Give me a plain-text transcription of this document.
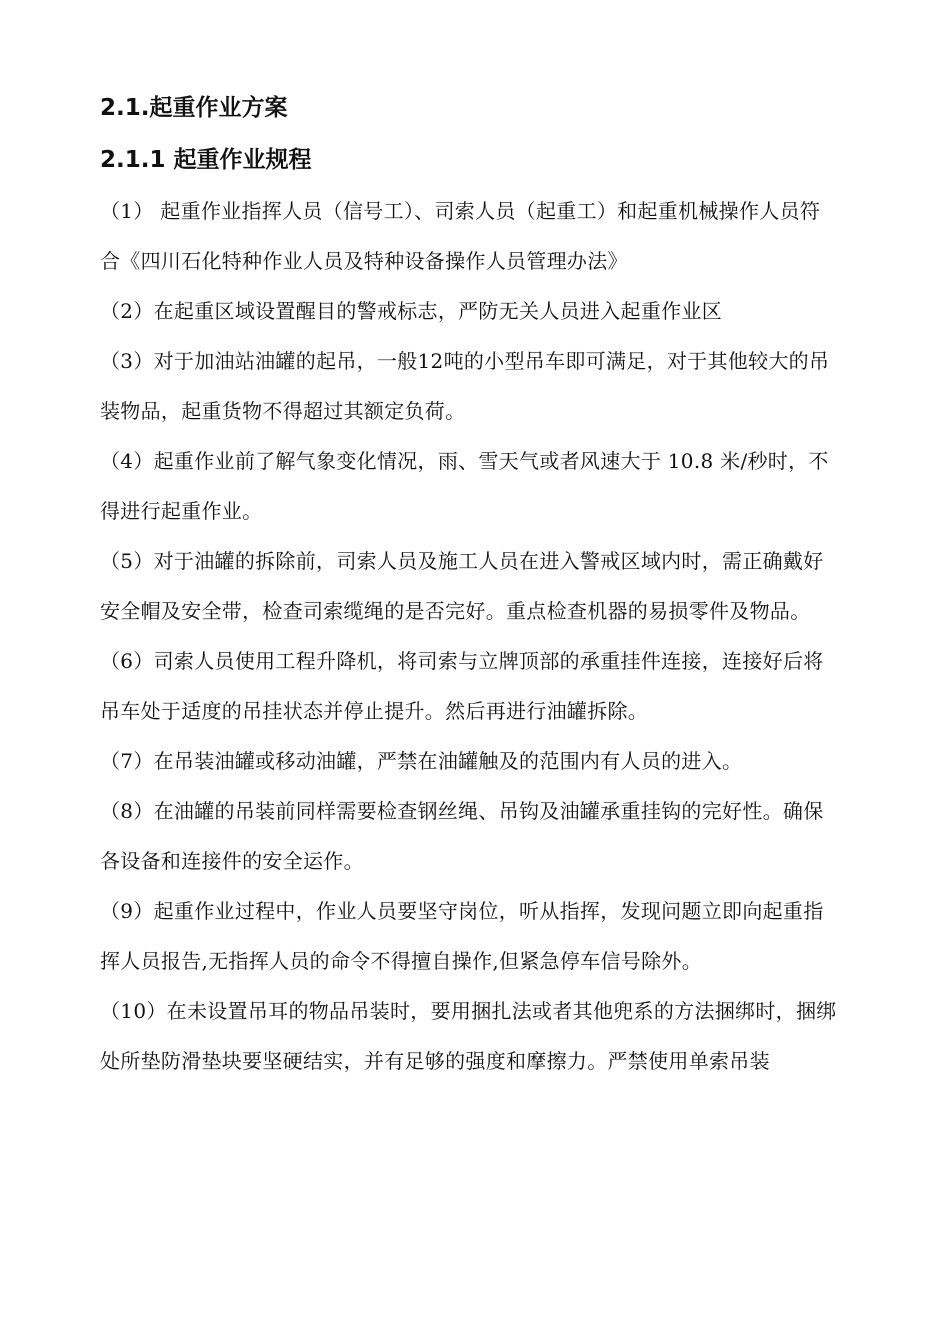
2.1.起重作业方案
2.1.1 起重作业规程

（1） 起重作业指挥人员（信号工）、司索人员（起重工）和起重机械操作人员符合《四川石化特种作业人员及特种设备操作人员管理办法》

（2）在起重区域设置醒目的警戒标志，严防无关人员进入起重作业区

（3）对于加油站油罐的起吊，一般12吨的小型吊车即可满足，对于其他较大的吊装物品，起重货物不得超过其额定负荷。

（4）起重作业前了解气象变化情况，雨、雪天气或者风速大于 10.8 米/秒时，不得进行起重作业。

（5）对于油罐的拆除前，司索人员及施工人员在进入警戒区域内时，需正确戴好安全帽及安全带，检查司索缆绳的是否完好。重点检查机器的易损零件及物品。

（6）司索人员使用工程升降机，将司索与立牌顶部的承重挂件连接，连接好后将吊车处于适度的吊挂状态并停止提升。然后再进行油罐拆除。

（7）在吊装油罐或移动油罐，严禁在油罐触及的范围内有人员的进入。

（8）在油罐的吊装前同样需要检查钢丝绳、吊钩及油罐承重挂钩的完好性。确保各设备和连接件的安全运作。

（9）起重作业过程中，作业人员要坚守岗位，听从指挥，发现问题立即向起重指挥人员报告,无指挥人员的命令不得擅自操作,但紧急停车信号除外。

（10）在未设置吊耳的物品吊装时，要用捆扎法或者其他兜系的方法捆绑时，捆绑处所垫防滑垫块要坚硬结实，并有足够的强度和摩擦力。严禁使用单索吊装
